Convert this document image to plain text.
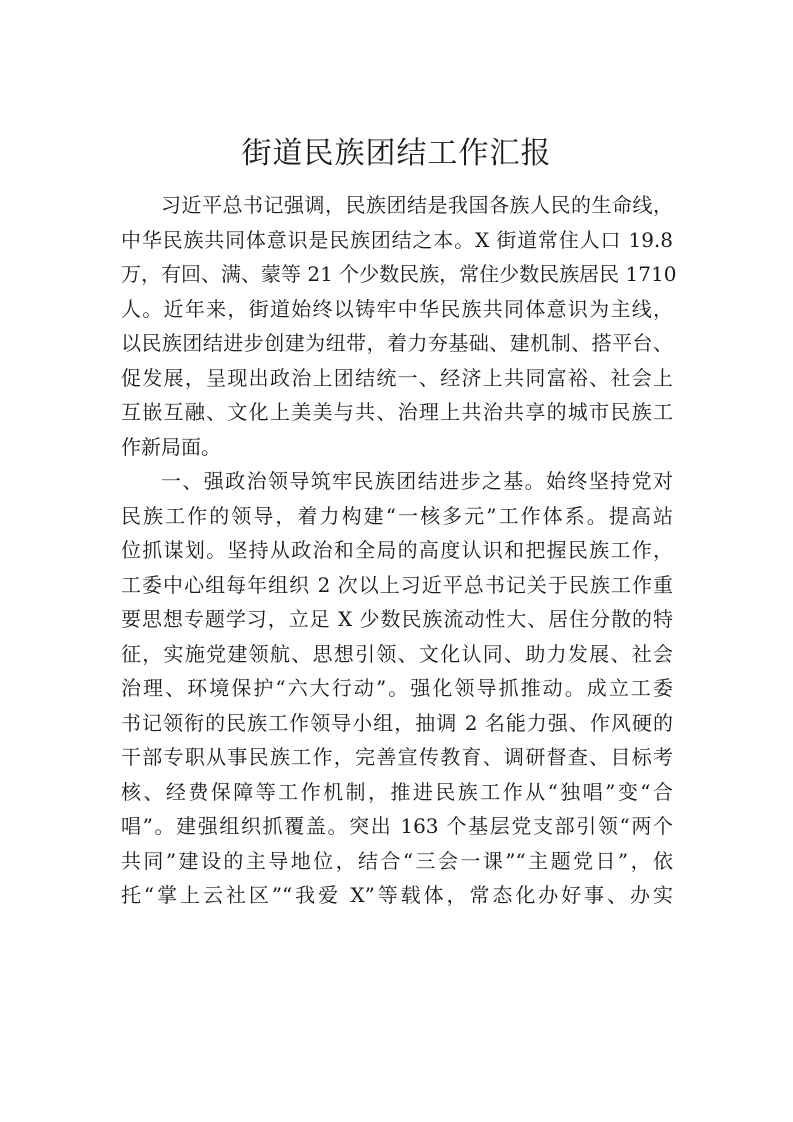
街道民族团结工作汇报
习近平总书记强调，民族团结是我国各族人民的生命线，
中华民族共同体意识是民族团结之本。X 街道常住人口 19.8
万，有回、满、蒙等 21 个少数民族，常住少数民族居民 1710
人。近年来，街道始终以铸牢中华民族共同体意识为主线，
以民族团结进步创建为纽带，着力夯基础、建机制、搭平台、
促发展，呈现出政治上团结统一、经济上共同富裕、社会上
互嵌互融、文化上美美与共、治理上共治共享的城市民族工
作新局面。
一、强政治领导筑牢民族团结进步之基。始终坚持党对
民族工作的领导，着力构建“一核多元”工作体系。提高站
位抓谋划。坚持从政治和全局的高度认识和把握民族工作，
工委中心组每年组织 2 次以上习近平总书记关于民族工作重
要思想专题学习，立足 X 少数民族流动性大、居住分散的特
征，实施党建领航、思想引领、文化认同、助力发展、社会
治理、环境保护“六大行动”。强化领导抓推动。成立工委
书记领衔的民族工作领导小组，抽调 2 名能力强、作风硬的
干部专职从事民族工作，完善宣传教育、调研督查、目标考
核、经费保障等工作机制，推进民族工作从“独唱”变“合
唱”。建强组织抓覆盖。突出 163 个基层党支部引领“两个
共同”建设的主导地位，结合“三会一课”“主题党日”，依
托“掌上云社区”“我爱 X”等载体，常态化办好事、办实
